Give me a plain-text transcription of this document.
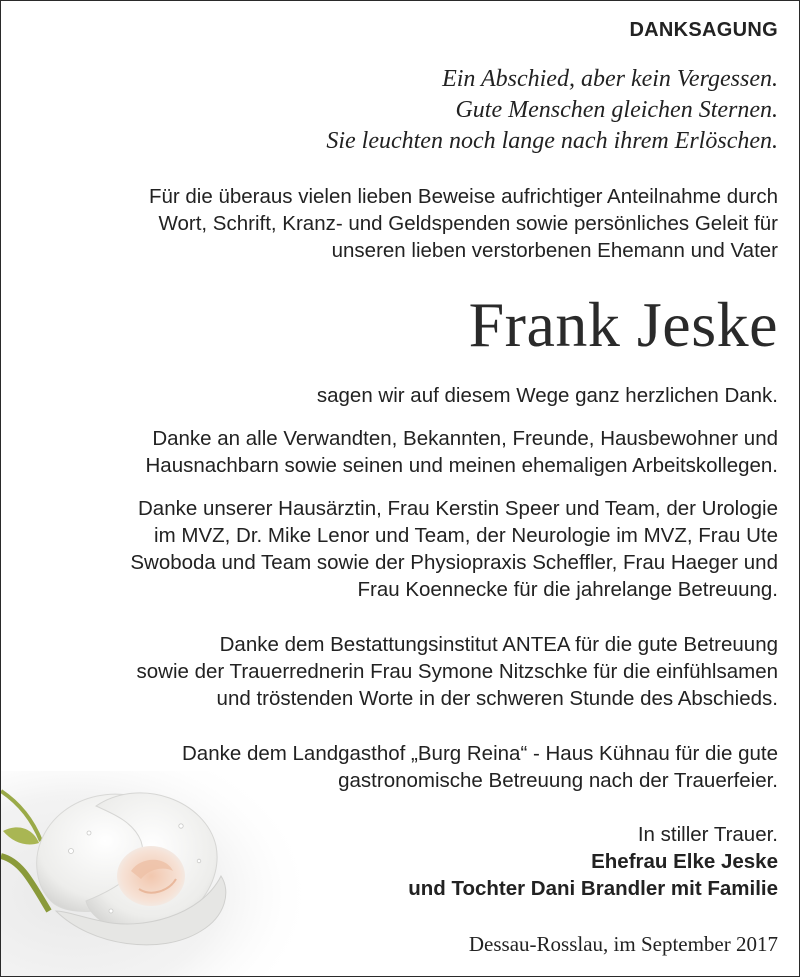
DANKSAGUNG
Ein Abschied, aber kein Vergessen.
Gute Menschen gleichen Sternen.
Sie leuchten noch lange nach ihrem Erlöschen.
Für die überaus vielen lieben Beweise aufrichtiger Anteilnahme durch
Wort, Schrift, Kranz- und Geldspenden sowie persönliches Geleit für
unseren lieben verstorbenen Ehemann und Vater
Frank Jeske
sagen wir auf diesem Wege ganz herzlichen Dank.
Danke an alle Verwandten, Bekannten, Freunde, Hausbewohner und
Hausnachbarn sowie seinen und meinen ehemaligen Arbeitskollegen.
Danke unserer Hausärztin, Frau Kerstin Speer und Team, der Urologie
im MVZ, Dr. Mike Lenor und Team, der Neurologie im MVZ, Frau Ute
Swoboda und Team sowie der Physiopraxis Scheffler, Frau Haeger und
Frau Koennecke für die jahrelange Betreuung.
Danke dem Bestattungsinstitut ANTEA für die gute Betreuung
sowie der Trauerrednerin Frau Symone Nitzschke für die einfühlsamen
und tröstenden Worte in der schweren Stunde des Abschieds.
Danke dem Landgasthof „Burg Reina“ - Haus Kühnau für die gute
gastronomische Betreuung nach der Trauerfeier.
In stiller Trauer.
Ehefrau Elke Jeske
und Tochter Dani Brandler mit Familie
Dessau-Rosslau, im September 2017
